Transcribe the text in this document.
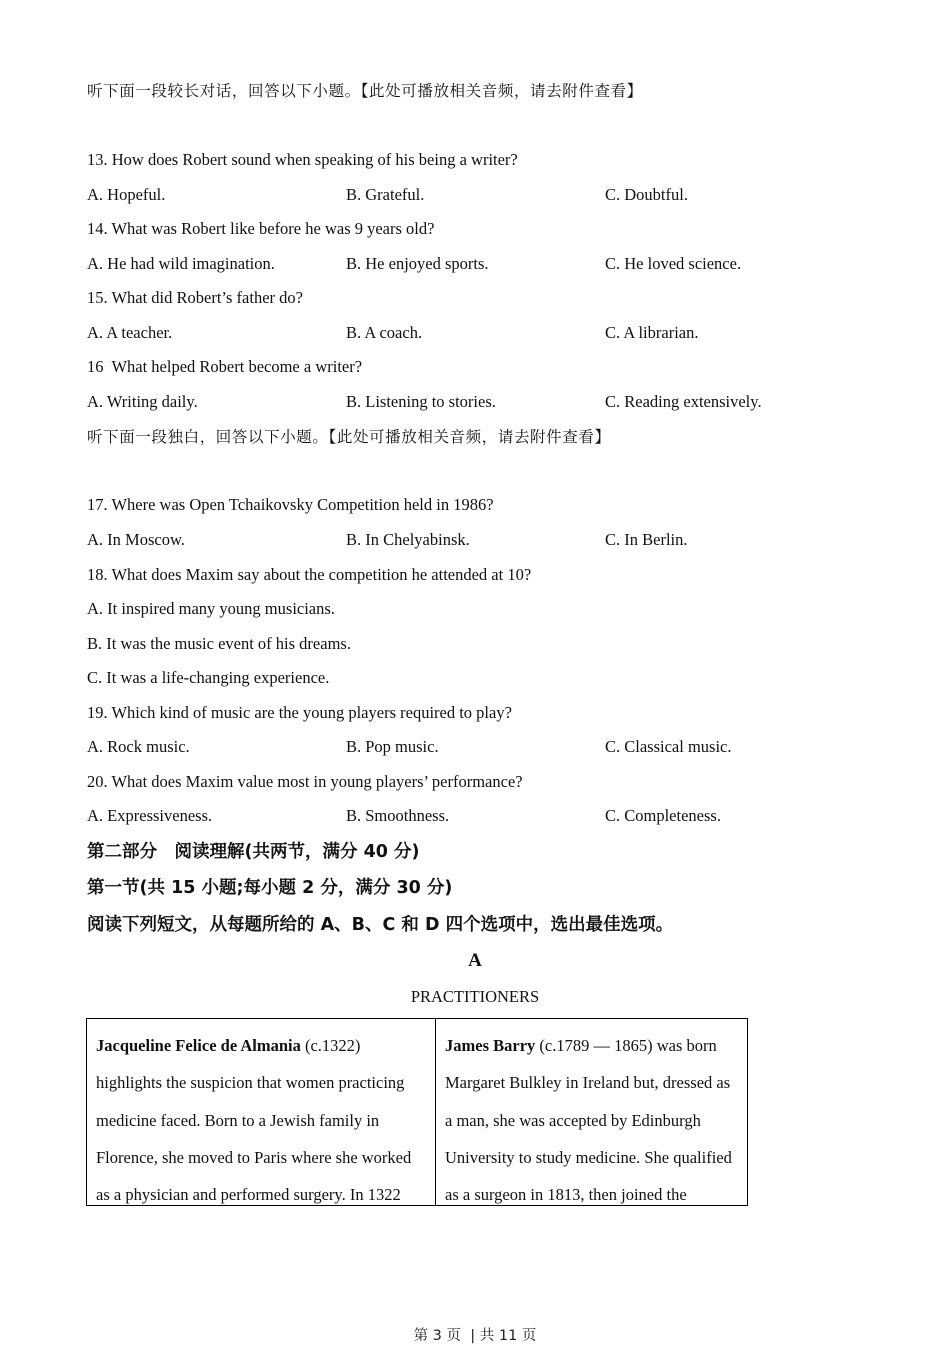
听下面一段较长对话，回答以下小题。【此处可播放相关音频，请去附件查看】
13. How does Robert sound when speaking of his being a writer?
A. Hopeful.	B. Grateful.	C. Doubtful.
14. What was Robert like before he was 9 years old?
A. He had wild imagination.	B. He enjoyed sports.	C. He loved science.
15. What did Robert’s father do?
A. A teacher.	B. A coach.	C. A librarian.
16  What helped Robert become a writer?
A. Writing daily.	B. Listening to stories.	C. Reading extensively.
听下面一段独白，回答以下小题。【此处可播放相关音频，请去附件查看】
17. Where was Open Tchaikovsky Competition held in 1986?
A. In Moscow.	B. In Chelyabinsk.	C. In Berlin.
18. What does Maxim say about the competition he attended at 10?
A. It inspired many young musicians.
B. It was the music event of his dreams.
C. It was a life-changing experience.
19. Which kind of music are the young players required to play?
A. Rock music.	B. Pop music.	C. Classical music.
20. What does Maxim value most in young players’ performance?
A. Expressiveness.	B. Smoothness.	C. Completeness.
第二部分　阅读理解(共两节，满分 40 分)
第一节(共 15 小题;每小题 2 分，满分 30 分)
阅读下列短文，从每题所给的 A、B、C 和 D 四个选项中，选出最佳选项。
A
PRACTITIONERS
Jacqueline Felice de Almania (c.1322)
highlights the suspicion that women practicing
medicine faced. Born to a Jewish family in
Florence, she moved to Paris where she worked
as a physician and performed surgery. In 1322
James Barry (c.1789 — 1865) was born
Margaret Bulkley in Ireland but, dressed as
a man, she was accepted by Edinburgh
University to study medicine. She qualified
as a surgeon in 1813, then joined the
第 3 页  | 共 11 页
